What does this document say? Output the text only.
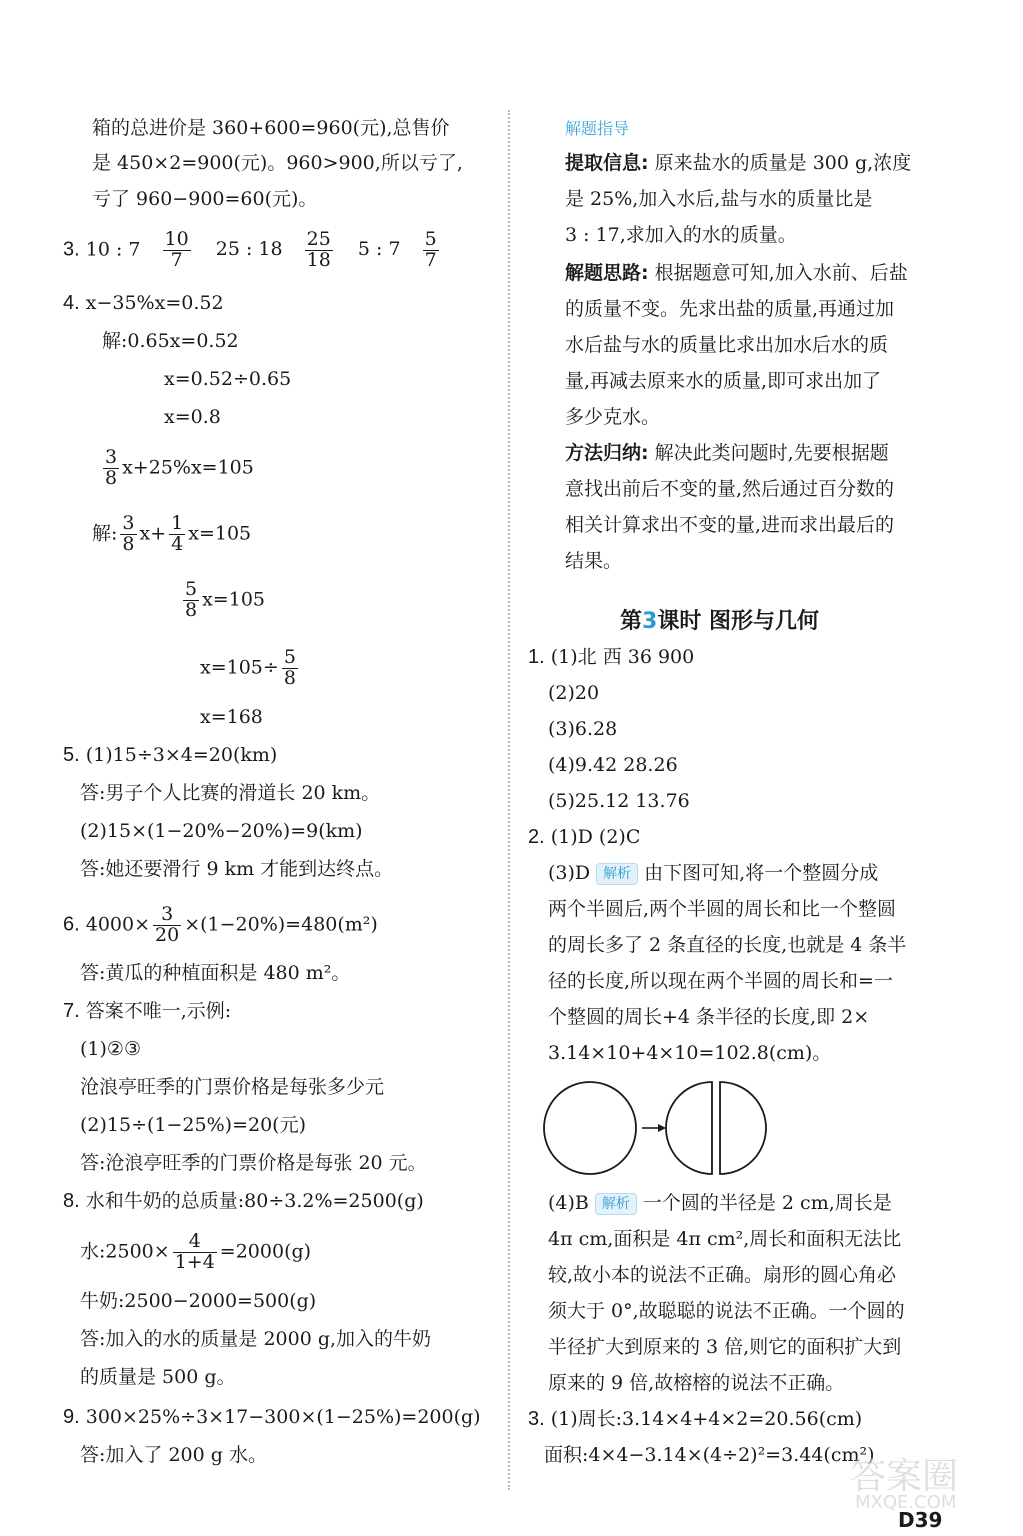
箱的总进价是 360+600=960(元),总售价
是 450×2=900(元)。960>900,所以亏了,
亏了 960−900=60(元)。
3. 10 : $7 \frac{10}{7} 25$ : $18 \frac{25}{18} 5$ : $7 \frac{5}{7}$
4. x−35%x=0.52
解:0.65x=0.52
x=0.52÷0.65
x=0.8
$\frac{3}{8} x+25\%x=105$
解: $\frac{3}{8} x+ \frac{1}{4} x=105$
$\frac{5}{8} x=105$
$x=105\div \frac{5}{8}$
x=168
5. (1)15÷3×4=20(km)
答:男子个人比赛的滑道长 20 km。
(2)15×(1−20%−20%)=9(km)
答:她还要滑行 9 km 才能到达终点。
6. $4000\times \frac{3}{20} \times(1-20\%)=480(m^2)$
答:黄瓜的种植面积是 480 m²。
7. 答案不唯一,示例:
(1)②③
沧浪亭旺季的门票价格是每张多少元
(2)15÷(1−25%)=20(元)
答:沧浪亭旺季的门票价格是每张 20 元。
8. 水和牛奶的总质量:80÷3.2%=2500(g)
水:2500× $\frac{4}{1+4} =2000(g)$
牛奶:2500−2000=500(g)
答:加入的水的质量是 2000 g,加入的牛奶
的质量是 500 g。
9. 300×25%÷3×17−300×(1−25%)=200(g)
答:加入了 200 g 水。
解题指导
提取信息: 原来盐水的质量是 300 g,浓度
是 25%,加入水后,盐与水的质量比是
3 : 17,求加入的水的质量。
解题思路: 根据题意可知,加入水前、后盐
的质量不变。先求出盐的质量,再通过加
水后盐与水的质量比求出加水后水的质
量,再减去原来水的质量,即可求出加了
多少克水。
方法归纳: 解决此类问题时,先要根据题
意找出前后不变的量,然后通过百分数的
相关计算求出不变的量,进而求出最后的
结果。
第3课时 图形与几何
1. (1)北 西 36 900
(2)20
(3)6.28
(4)9.42 28.26
(5)25.12 13.76
2. (1)D (2)C
(3)D 解析 由下图可知,将一个整圆分成
两个半圆后,两个半圆的周长和比一个整圆
的周长多了 2 条直径的长度,也就是 4 条半
径的长度,所以现在两个半圆的周长和=一
个整圆的周长+4 条半径的长度,即 2×
3.14×10+4×10=102.8(cm)。
(4)B 解析 一个圆的半径是 2 cm,周长是
4π cm,面积是 4π cm²,周长和面积无法比
较,故小本的说法不正确。扇形的圆心角必
须大于 0°,故聪聪的说法不正确。一个圆的
半径扩大到原来的 3 倍,则它的面积扩大到
原来的 9 倍,故榕榕的说法不正确。
3. (1)周长:3.14×4+4×2=20.56(cm)
面积:4×4−3.14×(4÷2)²=3.44(cm²)
答案圈
MXQE.COM
D39
